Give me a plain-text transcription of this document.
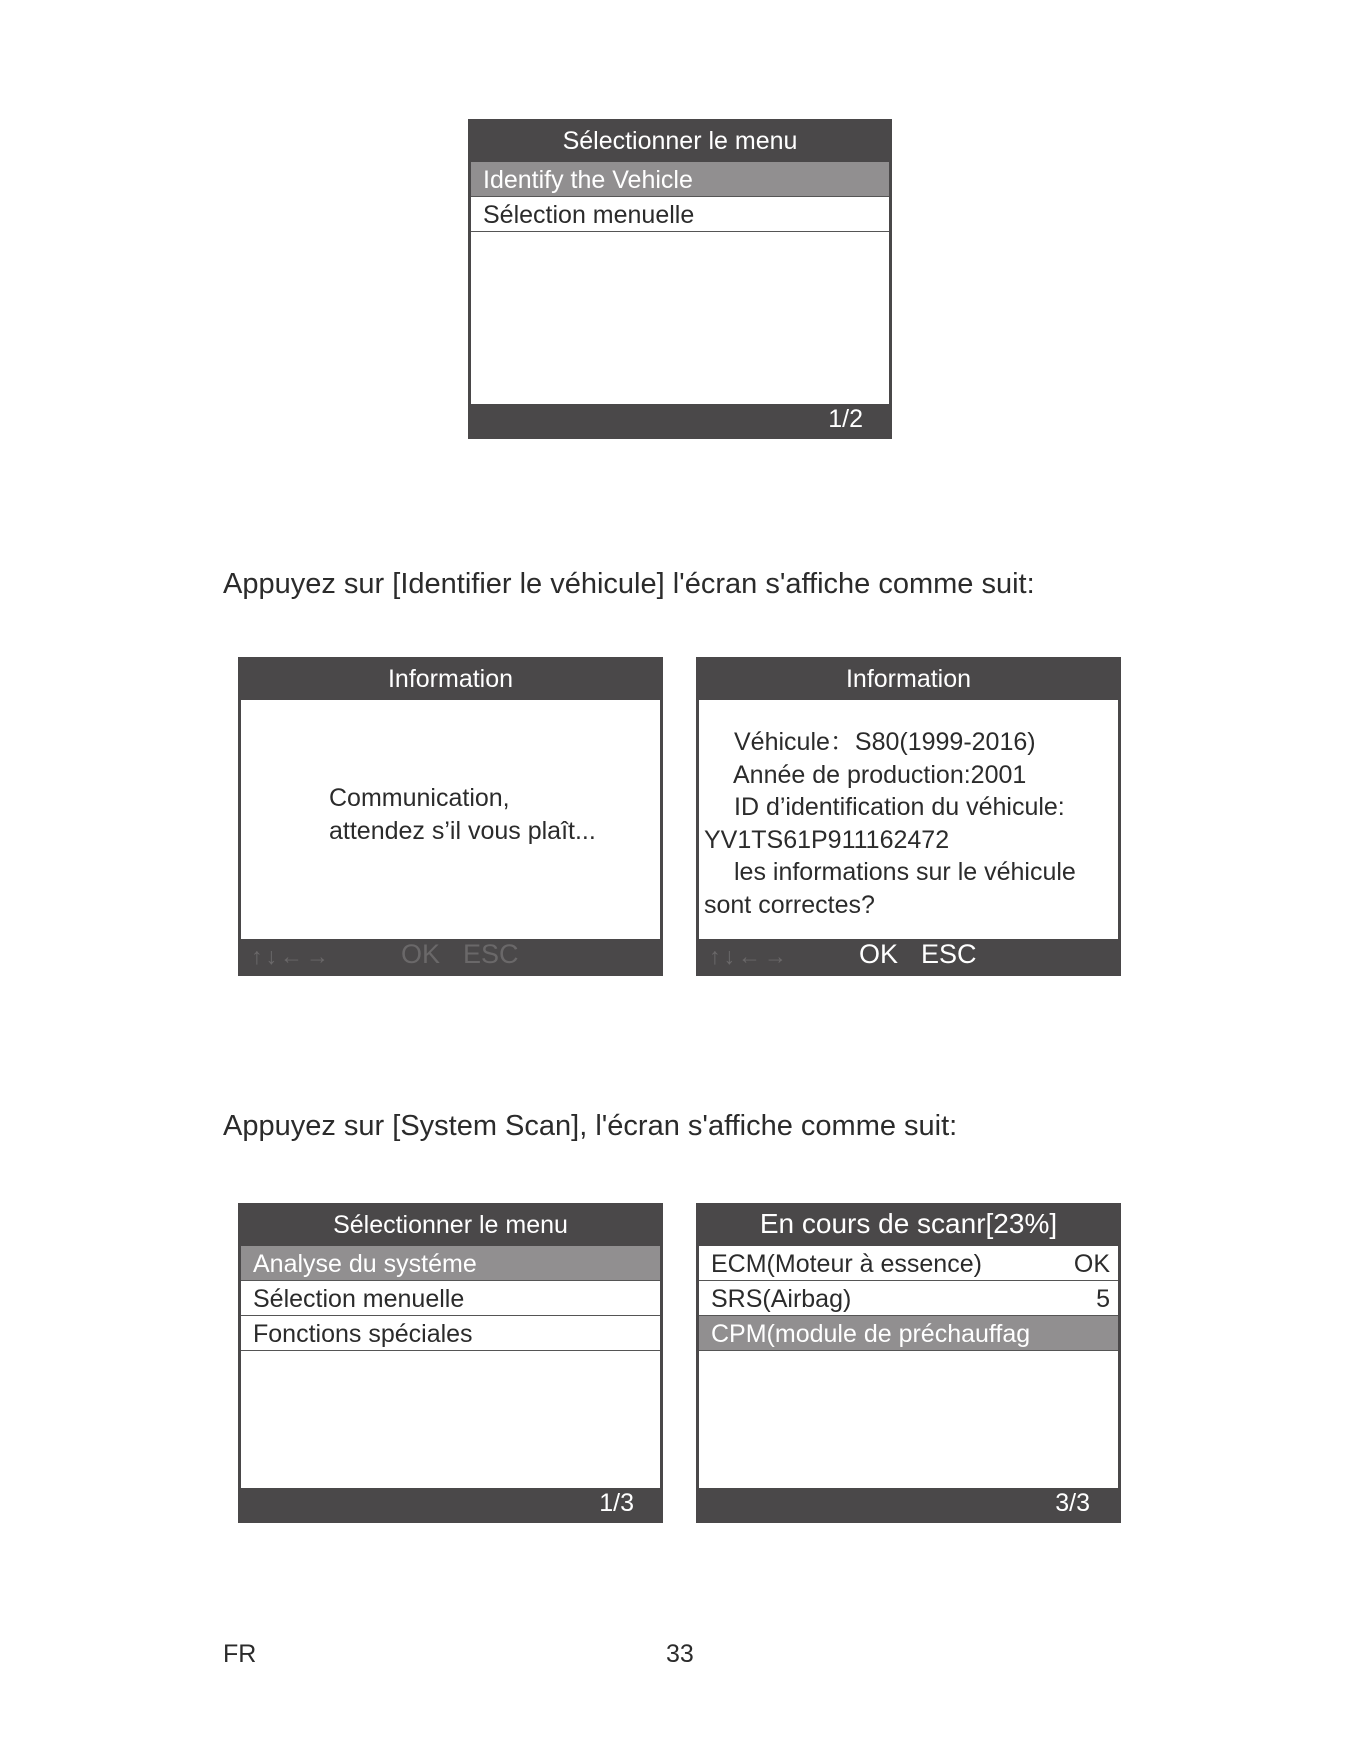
Sélectionner le menu
Identify the Vehicle
Sélection menuelle
1/2
Appuyez sur [Identifier le véhicule] l'écran s'affiche comme suit:
Information
Communication,
attendez s’il vous plaît...
↑↓←→	OK ESC
Information
Véhicule：S80(1999-2016)
Année de production:2001
ID d’identification du véhicule:
YV1TS61P911162472
les informations sur le véhicule
sont correctes?
↑↓←→	OK ESC
Appuyez sur [System Scan], l'écran s'affiche comme suit:
Sélectionner le menu
Analyse du systéme
Sélection menuelle
Fonctions spéciales
1/3
En cours de scanr[23%]
ECM(Moteur à essence)	OK
SRS(Airbag)	5
CPM(module de préchauffag
3/3
FR	33
